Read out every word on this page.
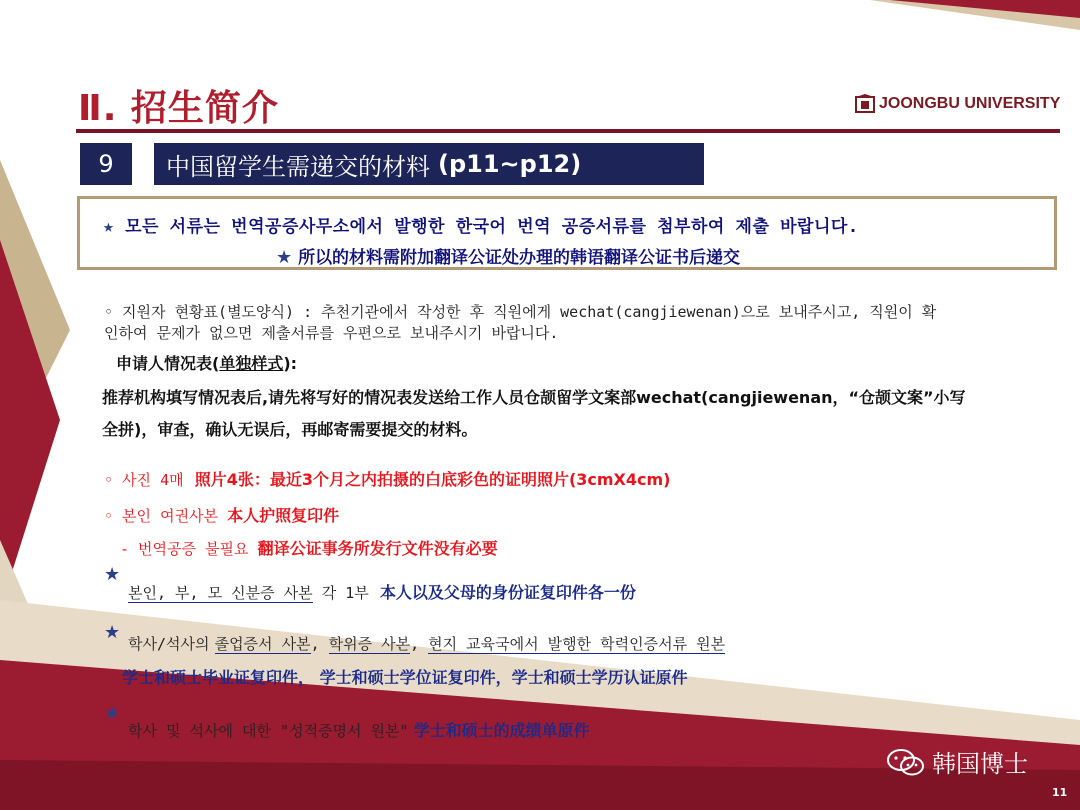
Ⅱ. 招生简介	JOONGBU UNIVERSITY
9	中国留学生需递交的材料 (p11~p12)
★ 모든 서류는 번역공증사무소에서 발행한 한국어 번역 공증서류를 첨부하여 제출 바랍니다.
★ 所以的材料需附加翻译公证处办理的韩语翻译公证书后递交
◦ 지원자 현황표(별도양식) : 추천기관에서 작성한 후 직원에게 wechat(cangjiewenan)으로 보내주시고, 직원이 확
인하여 문제가 없으면 제출서류를 우편으로 보내주시기 바랍니다.
申请人情况表(单独样式):
推荐机构填写情况表后,请先将写好的情况表发送给工作人员仓颉留学文案部wechat(cangjiewenan，“仓颉文案”小写
全拼)，审查，确认无误后，再邮寄需要提交的材料。
◦ 사진 4매 照片4张：最近3个月之内拍摄的白底彩色的证明照片(3cmX4cm)
◦ 본인 여권사본 本人护照复印件
- 번역공증 불필요 翻译公证事务所发行文件没有必要
★
본인, 부, 모 신분증 사본 각 1부 本人以及父母的身份证复印件各一份
★
학사/석사의 졸업증서 사본, 학위증 사본, 현지 교육국에서 발행한 학력인증서류 원본
学士和硕士毕业证复印件， 学士和硕士学位证复印件，学士和硕士学历认证原件
★
학사 및 석사에 대한 "성적증명서 원본" 学士和硕士的成绩单原件
韩国博士
11
